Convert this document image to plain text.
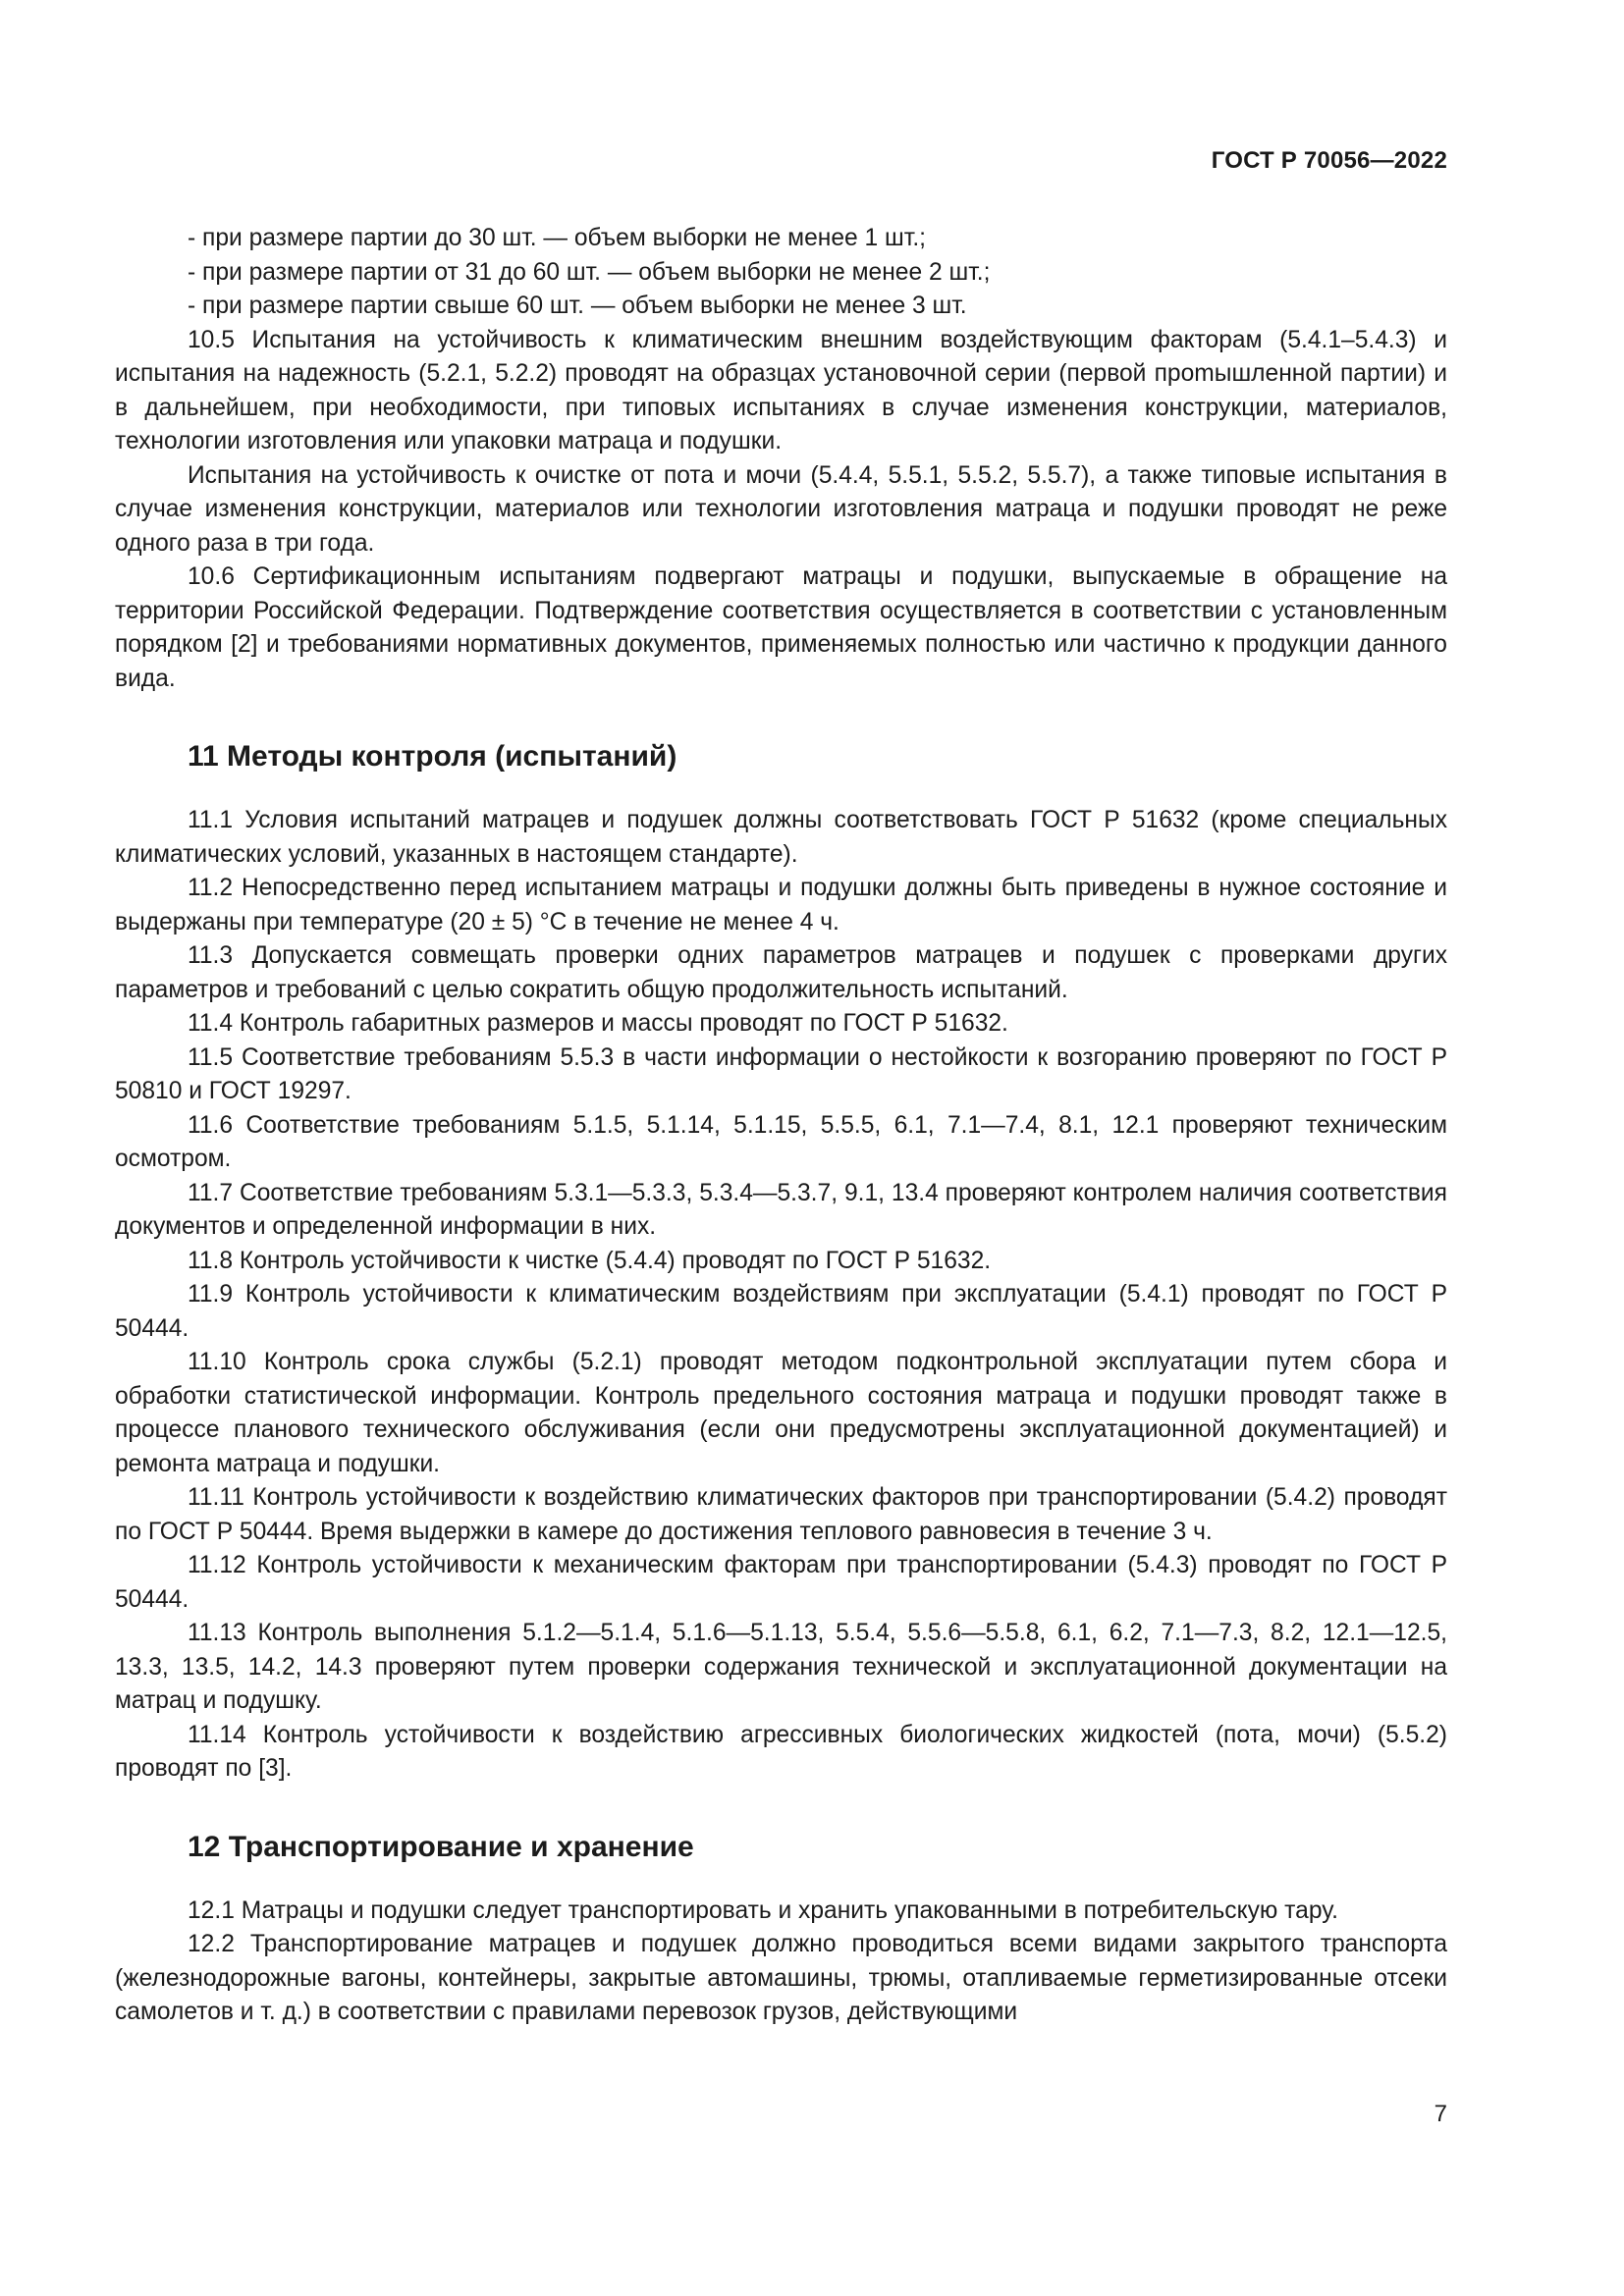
ГОСТ Р 70056—2022

- при размере партии до 30 шт. — объем выборки не менее 1 шт.;

- при размере партии от 31 до 60 шт. — объем выборки не менее 2 шт.;

- при размере партии свыше 60 шт. — объем выборки не менее 3 шт.

10.5 Испытания на устойчивость к климатическим внешним воздействующим факторам (5.4.1–5.4.3) и испытания на надежность (5.2.1, 5.2.2) проводят на образцах установочной серии (первой проmышленной партии) и в дальнейшем, при необходимости, при типовых испытаниях в случае изменения конструкции, материалов, технологии изготовления или упаковки матраца и подушки.

Испытания на устойчивость к очистке от пота и мочи (5.4.4, 5.5.1, 5.5.2, 5.5.7), а также типовые испытания в случае изменения конструкции, материалов или технологии изготовления матраца и подушки проводят не реже одного раза в три года.

10.6 Сертификационным испытаниям подвергают матрацы и подушки, выпускаемые в обращение на территории Российской Федерации. Подтверждение соответствия осуществляется в соответствии с установленным порядком [2] и требованиями нормативных документов, применяемых полностью или частично к продукции данного вида.

11 Методы контроля (испытаний)

11.1 Условия испытаний матрацев и подушек должны соответствовать ГОСТ Р 51632 (кроме специальных климатических условий, указанных в настоящем стандарте).

11.2 Непосредственно перед испытанием матрацы и подушки должны быть приведены в нужное состояние и выдержаны при температуре (20 ± 5) °С в течение не менее 4 ч.

11.3 Допускается совмещать проверки одних параметров матрацев и подушек с проверками других параметров и требований с целью сократить общую продолжительность испытаний.

11.4 Контроль габаритных размеров и массы проводят по ГОСТ Р 51632.

11.5 Соответствие требованиям 5.5.3 в части информации о нестойкости к возгоранию проверяют по ГОСТ Р 50810 и ГОСТ 19297.

11.6 Соответствие требованиям 5.1.5, 5.1.14, 5.1.15, 5.5.5, 6.1, 7.1—7.4, 8.1, 12.1 проверяют техническим осмотром.

11.7 Соответствие требованиям 5.3.1—5.3.3, 5.3.4—5.3.7, 9.1, 13.4 проверяют контролем наличия соответствия документов и определенной информации в них.

11.8 Контроль устойчивости к чистке (5.4.4) проводят по ГОСТ Р 51632.

11.9 Контроль устойчивости к климатическим воздействиям при эксплуатации (5.4.1) проводят по ГОСТ Р 50444.

11.10 Контроль срока службы (5.2.1) проводят методом подконтрольной эксплуатации путем сбора и обработки статистической информации. Контроль предельного состояния матраца и подушки проводят также в процессе планового технического обслуживания (если они предусмотрены эксплуатационной документацией) и ремонта матраца и подушки.

11.11 Контроль устойчивости к воздействию климатических факторов при транспортировании (5.4.2) проводят по ГОСТ Р 50444. Время выдержки в камере до достижения теплового равновесия в течение 3 ч.

11.12 Контроль устойчивости к механическим факторам при транспортировании (5.4.3) проводят по ГОСТ Р 50444.

11.13 Контроль выполнения 5.1.2—5.1.4, 5.1.6—5.1.13, 5.5.4, 5.5.6—5.5.8, 6.1, 6.2, 7.1—7.3, 8.2, 12.1—12.5, 13.3, 13.5, 14.2, 14.3 проверяют путем проверки содержания технической и эксплуатационной документации на матрац и подушку.

11.14 Контроль устойчивости к воздействию агрессивных биологических жидкостей (пота, мочи) (5.5.2) проводят по [3].

12 Транспортирование и хранение

12.1 Матрацы и подушки следует транспортировать и хранить упакованными в потребительскую тару.

12.2 Транспортирование матрацев и подушек должно проводиться всеми видами закрытого транспорта (железнодорожные вагоны, контейнеры, закрытые автомашины, трюмы, отапливаемые гермeтизированные отсеки самолетов и т. д.) в соответствии с правилами перевозок грузов, действующими

7
